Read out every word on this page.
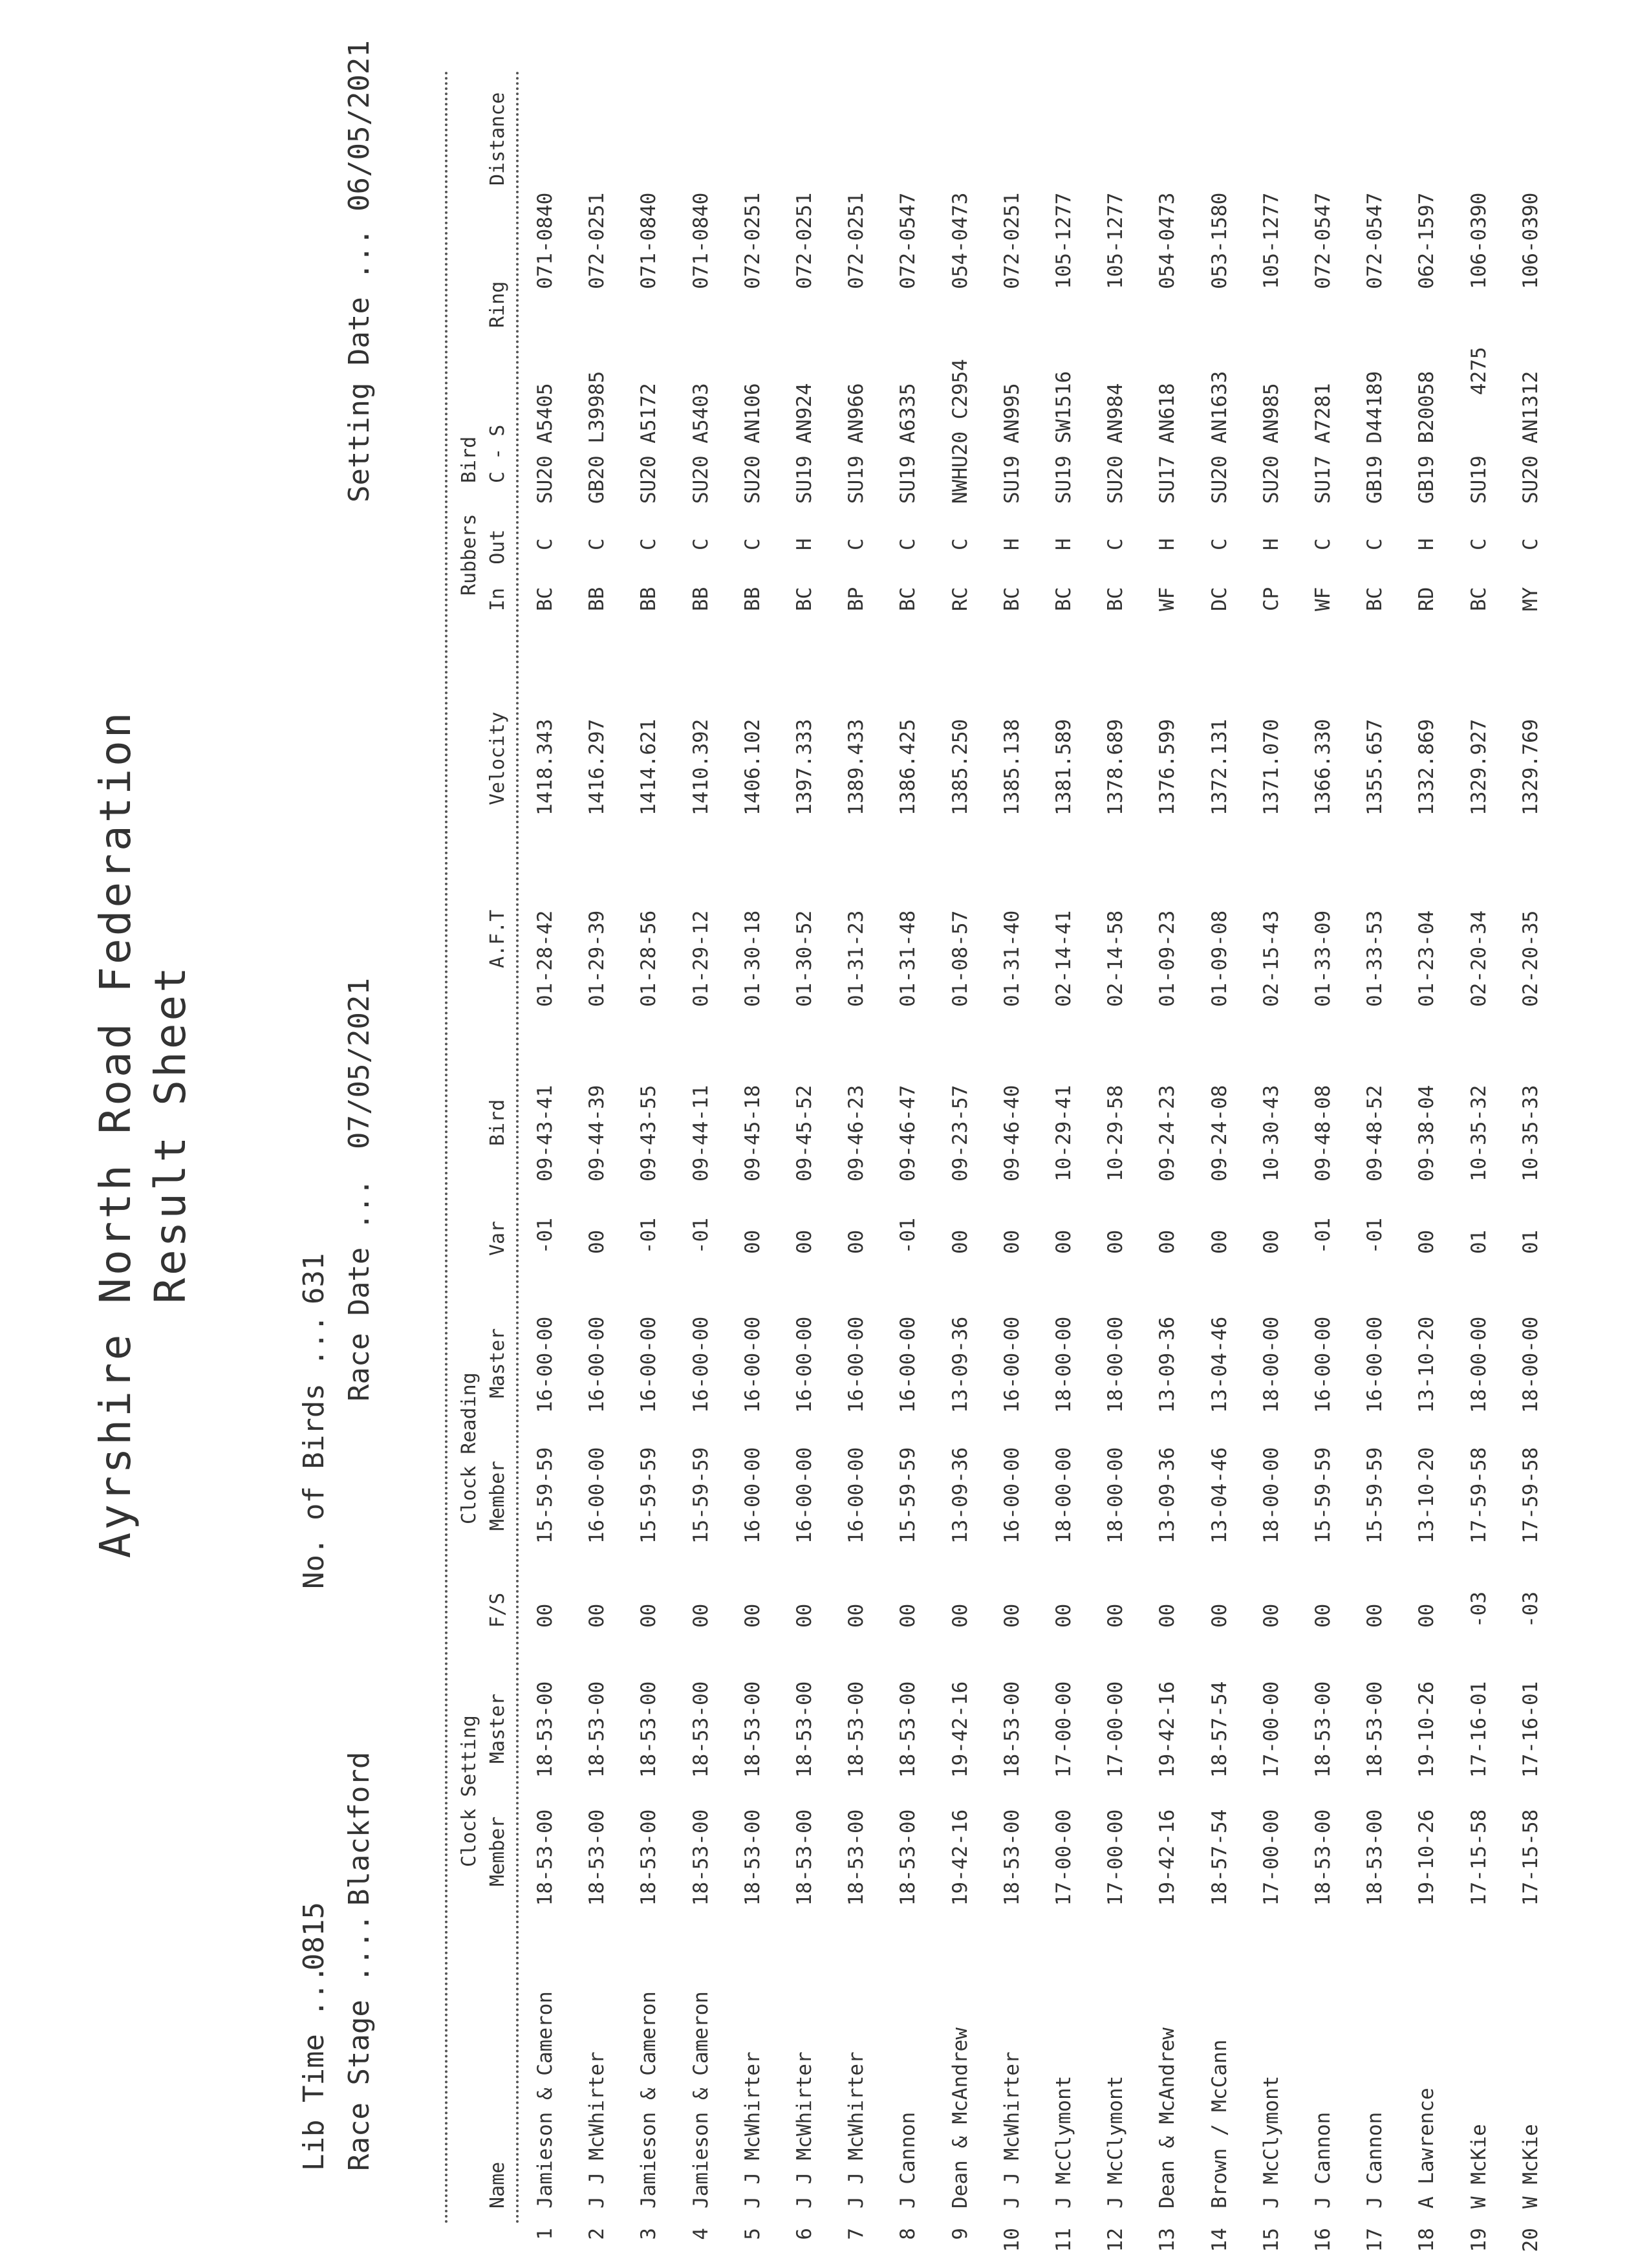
Ayrshire North Road Federation Result Sheet
Lib Time ...
0815 Race Stage ....
Blackford
No. of Birds ...
631 Race Date ...
07/05/2021
Setting Date ...
06/05/2021
Clock Setting
Clock Reading
Rubbers
Bird
Name
Member
Master
F/S
Member
Master
Var
Bird
A.F.T
Velocity
In  Out
C - S
Ring
Distance
1
Jamieson & Cameron
18-53-00
18-53-00
00
15-59-59
16-00-00
-01
09-43-41
01-28-42
1418.343
BC
C
SU20 A5405
071-0840
2
J J McWhirter
18-53-00
18-53-00
00
16-00-00
16-00-00
00
09-44-39
01-29-39
1416.297
BB
C
GB20 L39985
072-0251
3
Jamieson & Cameron
18-53-00
18-53-00
00
15-59-59
16-00-00
-01
09-43-55
01-28-56
1414.621
BB
C
SU20 A5172
071-0840
4
Jamieson & Cameron
18-53-00
18-53-00
00
15-59-59
16-00-00
-01
09-44-11
01-29-12
1410.392
BB
C
SU20 A5403
071-0840
5
J J McWhirter
18-53-00
18-53-00
00
16-00-00
16-00-00
00
09-45-18
01-30-18
1406.102
BB
C
SU20 AN106
072-0251
6
J J McWhirter
18-53-00
18-53-00
00
16-00-00
16-00-00
00
09-45-52
01-30-52
1397.333
BC
H
SU19 AN924
072-0251
7
J J McWhirter
18-53-00
18-53-00
00
16-00-00
16-00-00
00
09-46-23
01-31-23
1389.433
BP
C
SU19 AN966
072-0251
8
J Cannon
18-53-00
18-53-00
00
15-59-59
16-00-00
-01
09-46-47
01-31-48
1386.425
BC
C
SU19 A6335
072-0547
9
Dean & McAndrew
19-42-16
19-42-16
00
13-09-36
13-09-36
00
09-23-57
01-08-57
1385.250
RC
C
NWHU20 C2954
054-0473
10
J J McWhirter
18-53-00
18-53-00
00
16-00-00
16-00-00
00
09-46-40
01-31-40
1385.138
BC
H
SU19 AN995
072-0251
11
J McClymont
17-00-00
17-00-00
00
18-00-00
18-00-00
00
10-29-41
02-14-41
1381.589
BC
H
SU19 SW1516
105-1277
12
J McClymont
17-00-00
17-00-00
00
18-00-00
18-00-00
00
10-29-58
02-14-58
1378.689
BC
C
SU20 AN984
105-1277
13
Dean & McAndrew
19-42-16
19-42-16
00
13-09-36
13-09-36
00
09-24-23
01-09-23
1376.599
WF
H
SU17 AN618
054-0473
14
Brown / McCann
18-57-54
18-57-54
00
13-04-46
13-04-46
00
09-24-08
01-09-08
1372.131
DC
C
SU20 AN1633
053-1580
15
J McClymont
17-00-00
17-00-00
00
18-00-00
18-00-00
00
10-30-43
02-15-43
1371.070
CP
H
SU20 AN985
105-1277
16
J Cannon
18-53-00
18-53-00
00
15-59-59
16-00-00
-01
09-48-08
01-33-09
1366.330
WF
C
SU17 A7281
072-0547
17
J Cannon
18-53-00
18-53-00
00
15-59-59
16-00-00
-01
09-48-52
01-33-53
1355.657
BC
C
GB19 D44189
072-0547
18
A Lawrence
19-10-26
19-10-26
00
13-10-20
13-10-20
00
09-38-04
01-23-04
1332.869
RD
H
GB19 B20058
062-1597
19
W McKie
17-15-58
17-16-01
-03
17-59-58
18-00-00
01
10-35-32
02-20-34
1329.927
BC
C
SU19     4275
106-0390
20
W McKie
17-15-58
17-16-01
-03
17-59-58
18-00-00
01
10-35-33
02-20-35
1329.769
MY
C
SU20 AN1312
106-0390
